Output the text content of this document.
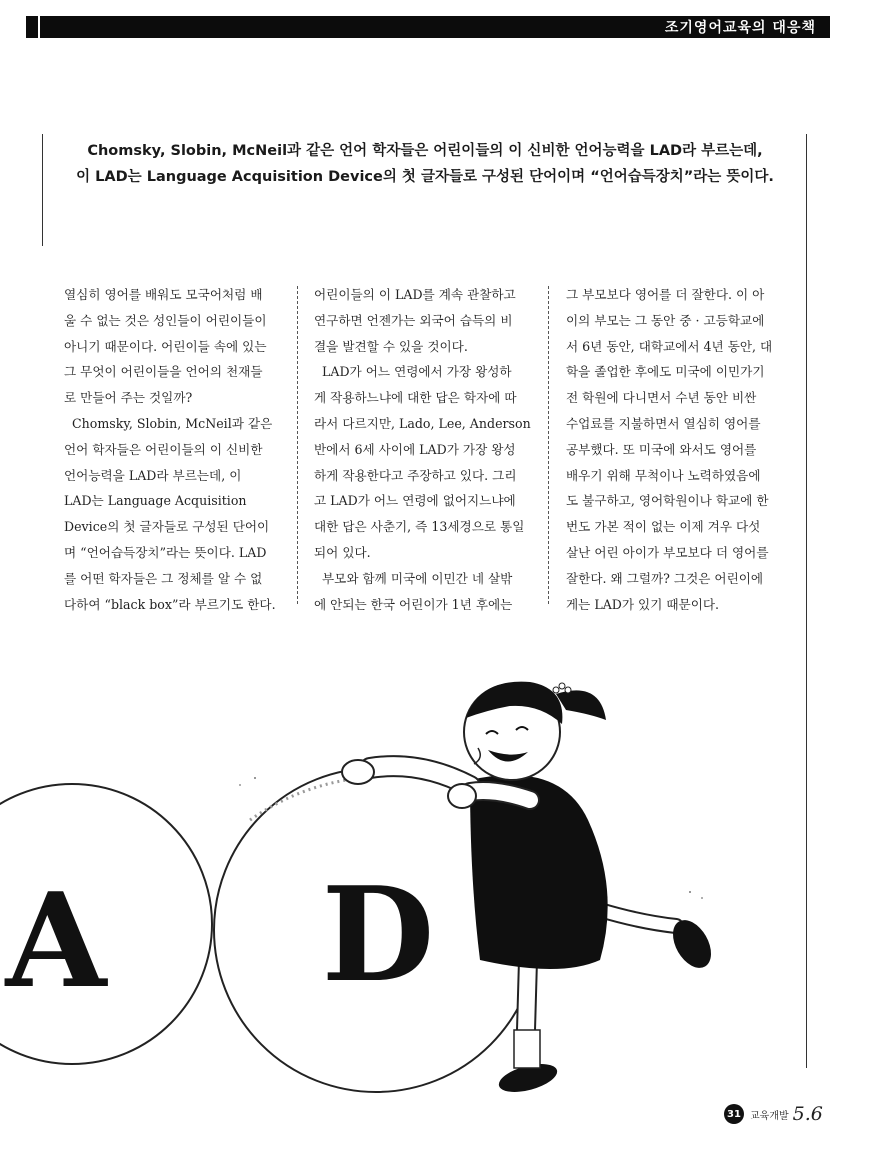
조기영어교육의 대응책
Chomsky, Slobin, McNeil과 같은 언어 학자들은 어린이들의 이 신비한 언어능력을 LAD라 부르는데,
이 LAD는 Language Acquisition Device의 첫 글자들로 구성된 단어이며 “언어습득장치”라는 뜻이다.

열심히 영어를 배워도 모국어처럼 배

울 수 없는 것은 성인들이 어린이들이

아니기 때문이다. 어린이들 속에 있는

그 무엇이 어린이들을 언어의 천재들

로 만들어 주는 것일까?

Chomsky, Slobin, McNeil과 같은

언어 학자들은 어린이들의 이 신비한

언어능력을 LAD라 부르는데, 이

LAD는 Language Acquisition

Device의 첫 글자들로 구성된 단어이

며 “언어습득장치”라는 뜻이다. LAD

를 어떤 학자들은 그 정체를 알 수 없

다하여 “black box”라 부르기도 한다.

어린이들의 이 LAD를 계속 관찰하고

연구하면 언젠가는 외국어 습득의 비

결을 발견할 수 있을 것이다.

LAD가 어느 연령에서 가장 왕성하

게 작용하느냐에 대한 답은 학자에 따

라서 다르지만, Lado, Lee, Anderson

반에서 6세 사이에 LAD가 가장 왕성

하게 작용한다고 주장하고 있다. 그리

고 LAD가 어느 연령에 없어지느냐에

대한 답은 사춘기, 즉 13세경으로 통일

되어 있다.

부모와 함께 미국에 이민간 네 살밖

에 안되는 한국 어린이가 1년 후에는

그 부모보다 영어를 더 잘한다. 이 아

이의 부모는 그 동안 중 · 고등학교에

서 6년 동안, 대학교에서 4년 동안, 대

학을 졸업한 후에도 미국에 이민가기

전 학원에 다니면서 수년 동안 비싼

수업료를 지불하면서 열심히 영어를

공부했다. 또 미국에 와서도 영어를

배우기 위해 무척이나 노력하였음에

도 불구하고, 영어학원이나 학교에 한

번도 가본 적이 없는 이제 겨우 다섯

살난 어린 아이가 부모보다 더 영어를

잘한다. 왜 그럴까? 그것은 어린이에

게는 LAD가 있기 때문이다.

A D
31 교육개발 5.6
